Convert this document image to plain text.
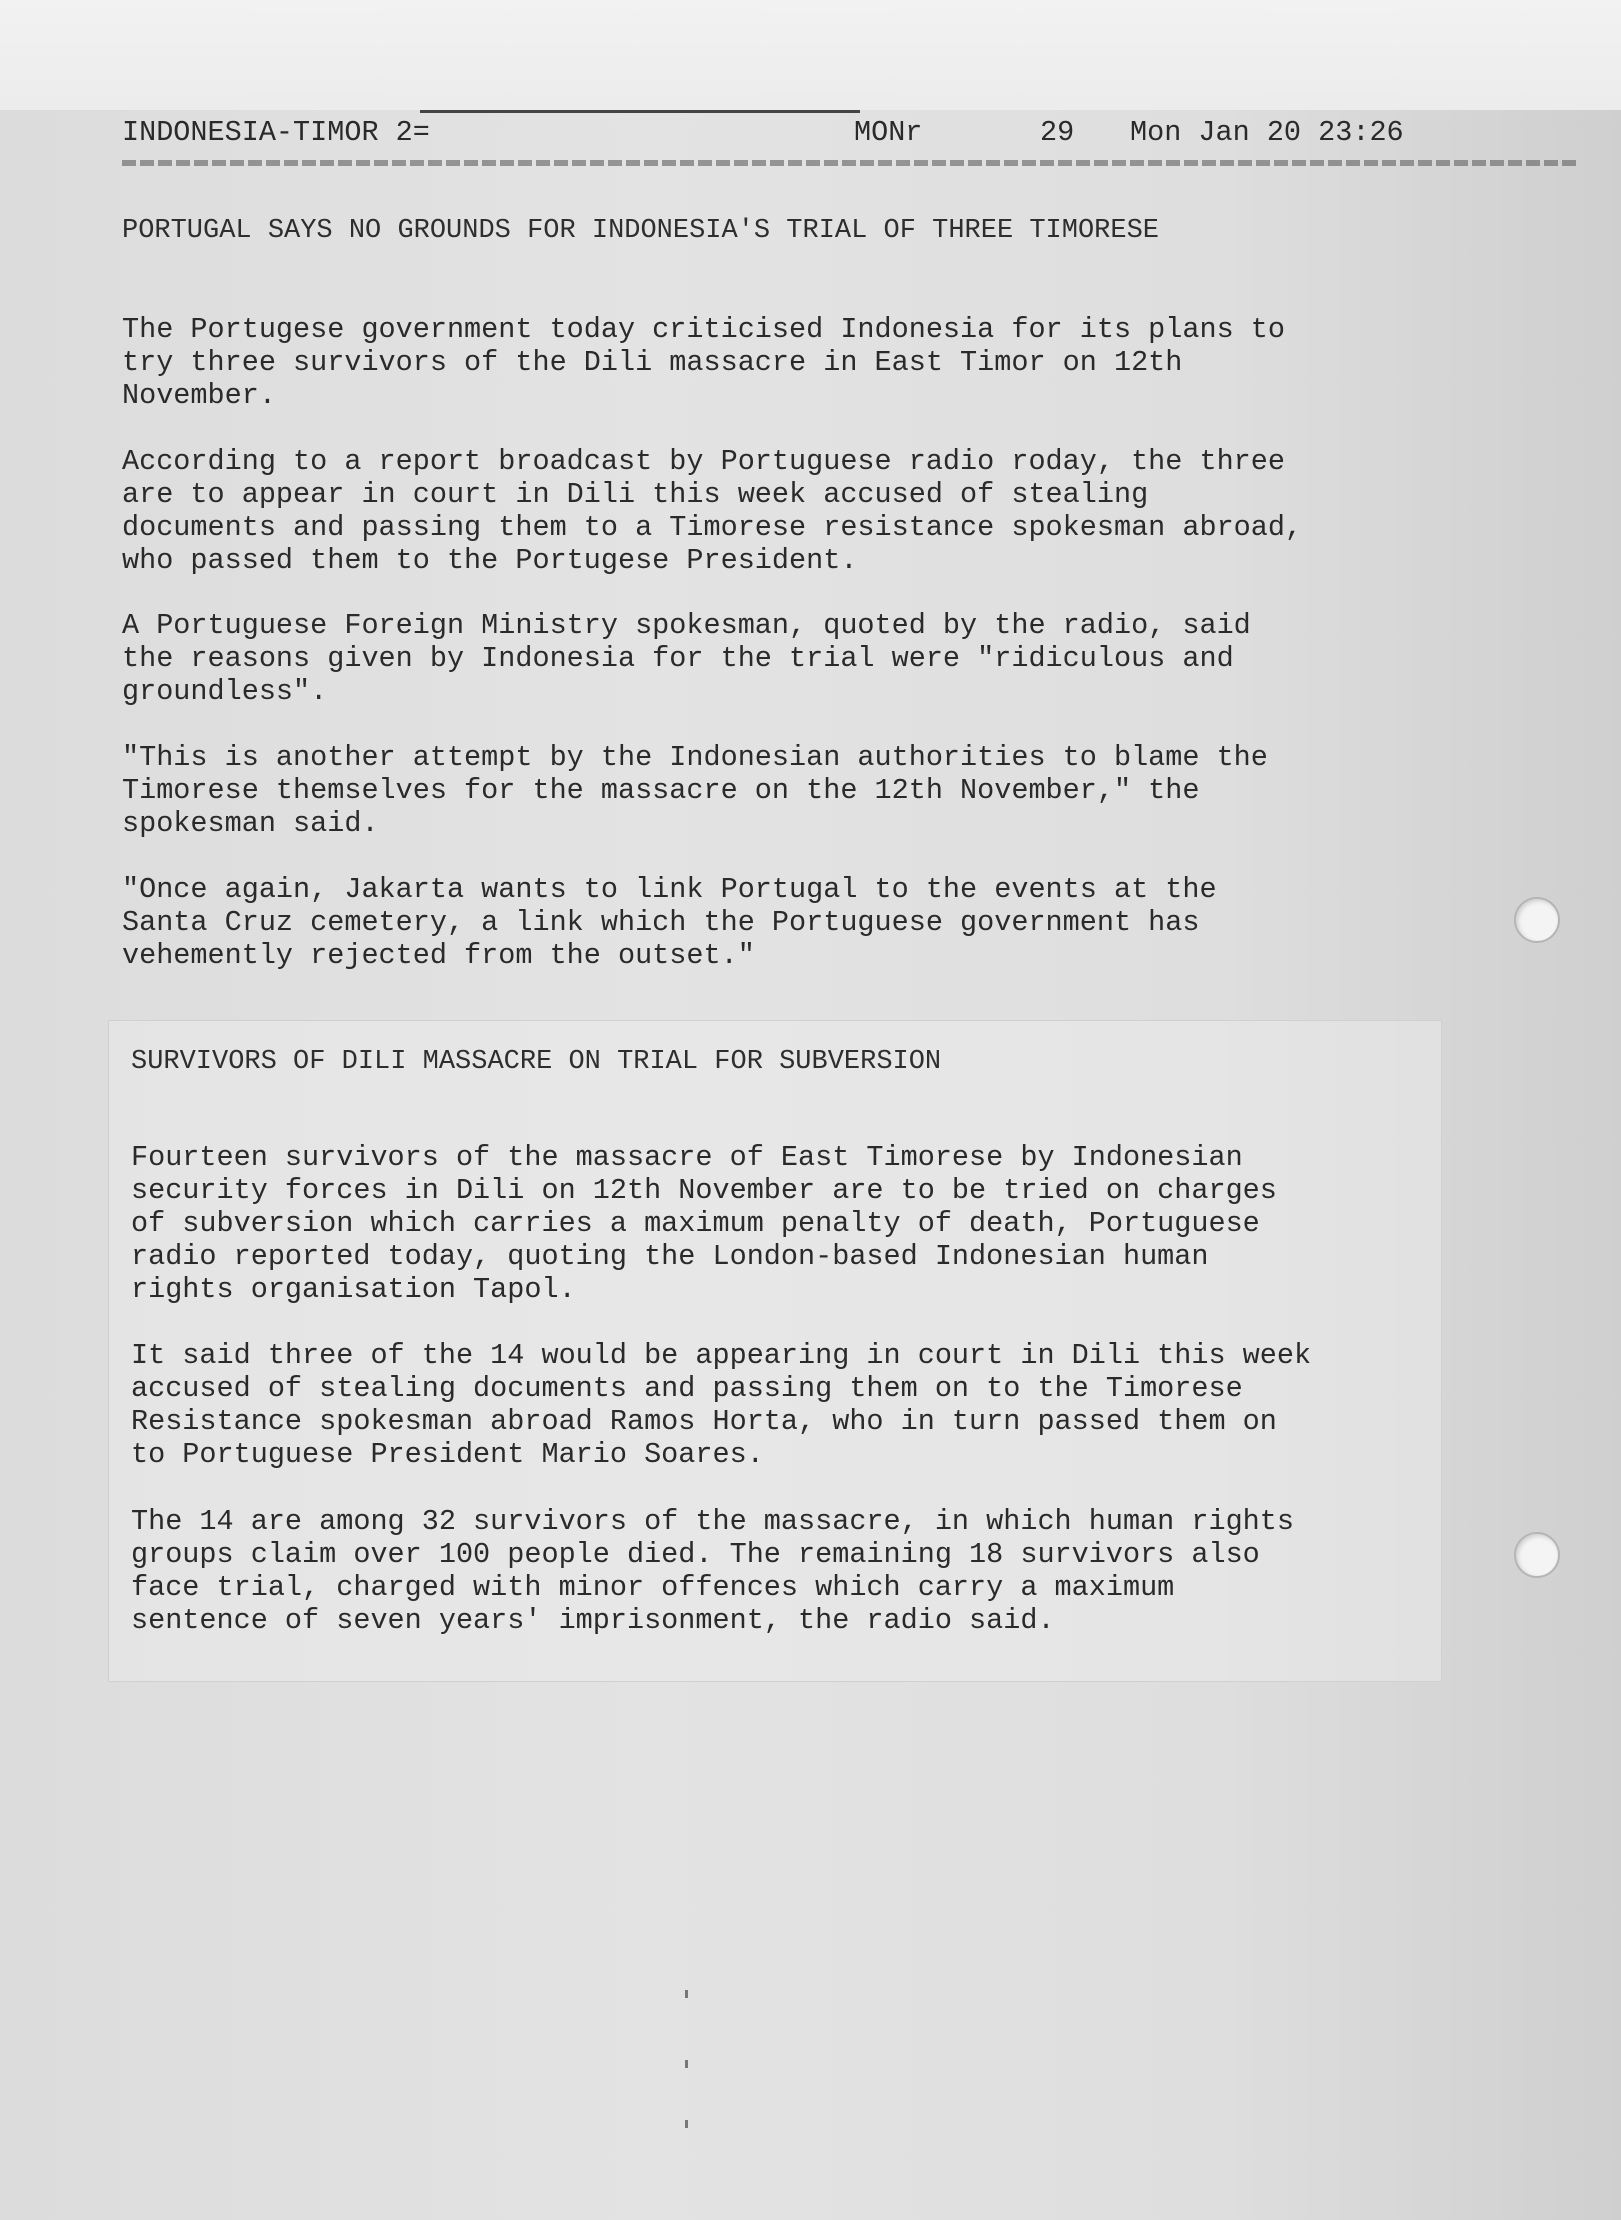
INDONESIA-TIMOR 2=

	MONr

	29

Mon Jan 20 23:26

PORTUGAL SAYS NO GROUNDS FOR INDONESIA'S TRIAL OF THREE TIMORESE

The Portugese government today criticised Indonesia for its plans to
try three survivors of the Dili massacre in East Timor on 12th
November.

According to a report broadcast by Portuguese radio roday, the three
are to appear in court in Dili this week accused of stealing
documents and passing them to a Timorese resistance spokesman abroad,
who passed them to the Portugese President.

A Portuguese Foreign Ministry spokesman, quoted by the radio, said
the reasons given by Indonesia for the trial were "ridiculous and
groundless".

"This is another attempt by the Indonesian authorities to blame the
Timorese themselves for the massacre on the 12th November," the
spokesman said.

"Once again, Jakarta wants to link Portugal to the events at the
Santa Cruz cemetery, a link which the Portuguese government has
vehemently rejected from the outset."

SURVIVORS OF DILI MASSACRE ON TRIAL FOR SUBVERSION

Fourteen survivors of the massacre of East Timorese by Indonesian
security forces in Dili on 12th November are to be tried on charges
of subversion which carries a maximum penalty of death, Portuguese
radio reported today, quoting the London-based Indonesian human
rights organisation Tapol.

It said three of the 14 would be appearing in court in Dili this week
accused of stealing documents and passing them on to the Timorese
Resistance spokesman abroad Ramos Horta, who in turn passed them on
to Portuguese President Mario Soares.

The 14 are among 32 survivors of the massacre, in which human rights
groups claim over 100 people died. The remaining 18 survivors also
face trial, charged with minor offences which carry a maximum
sentence of seven years' imprisonment, the radio said.
